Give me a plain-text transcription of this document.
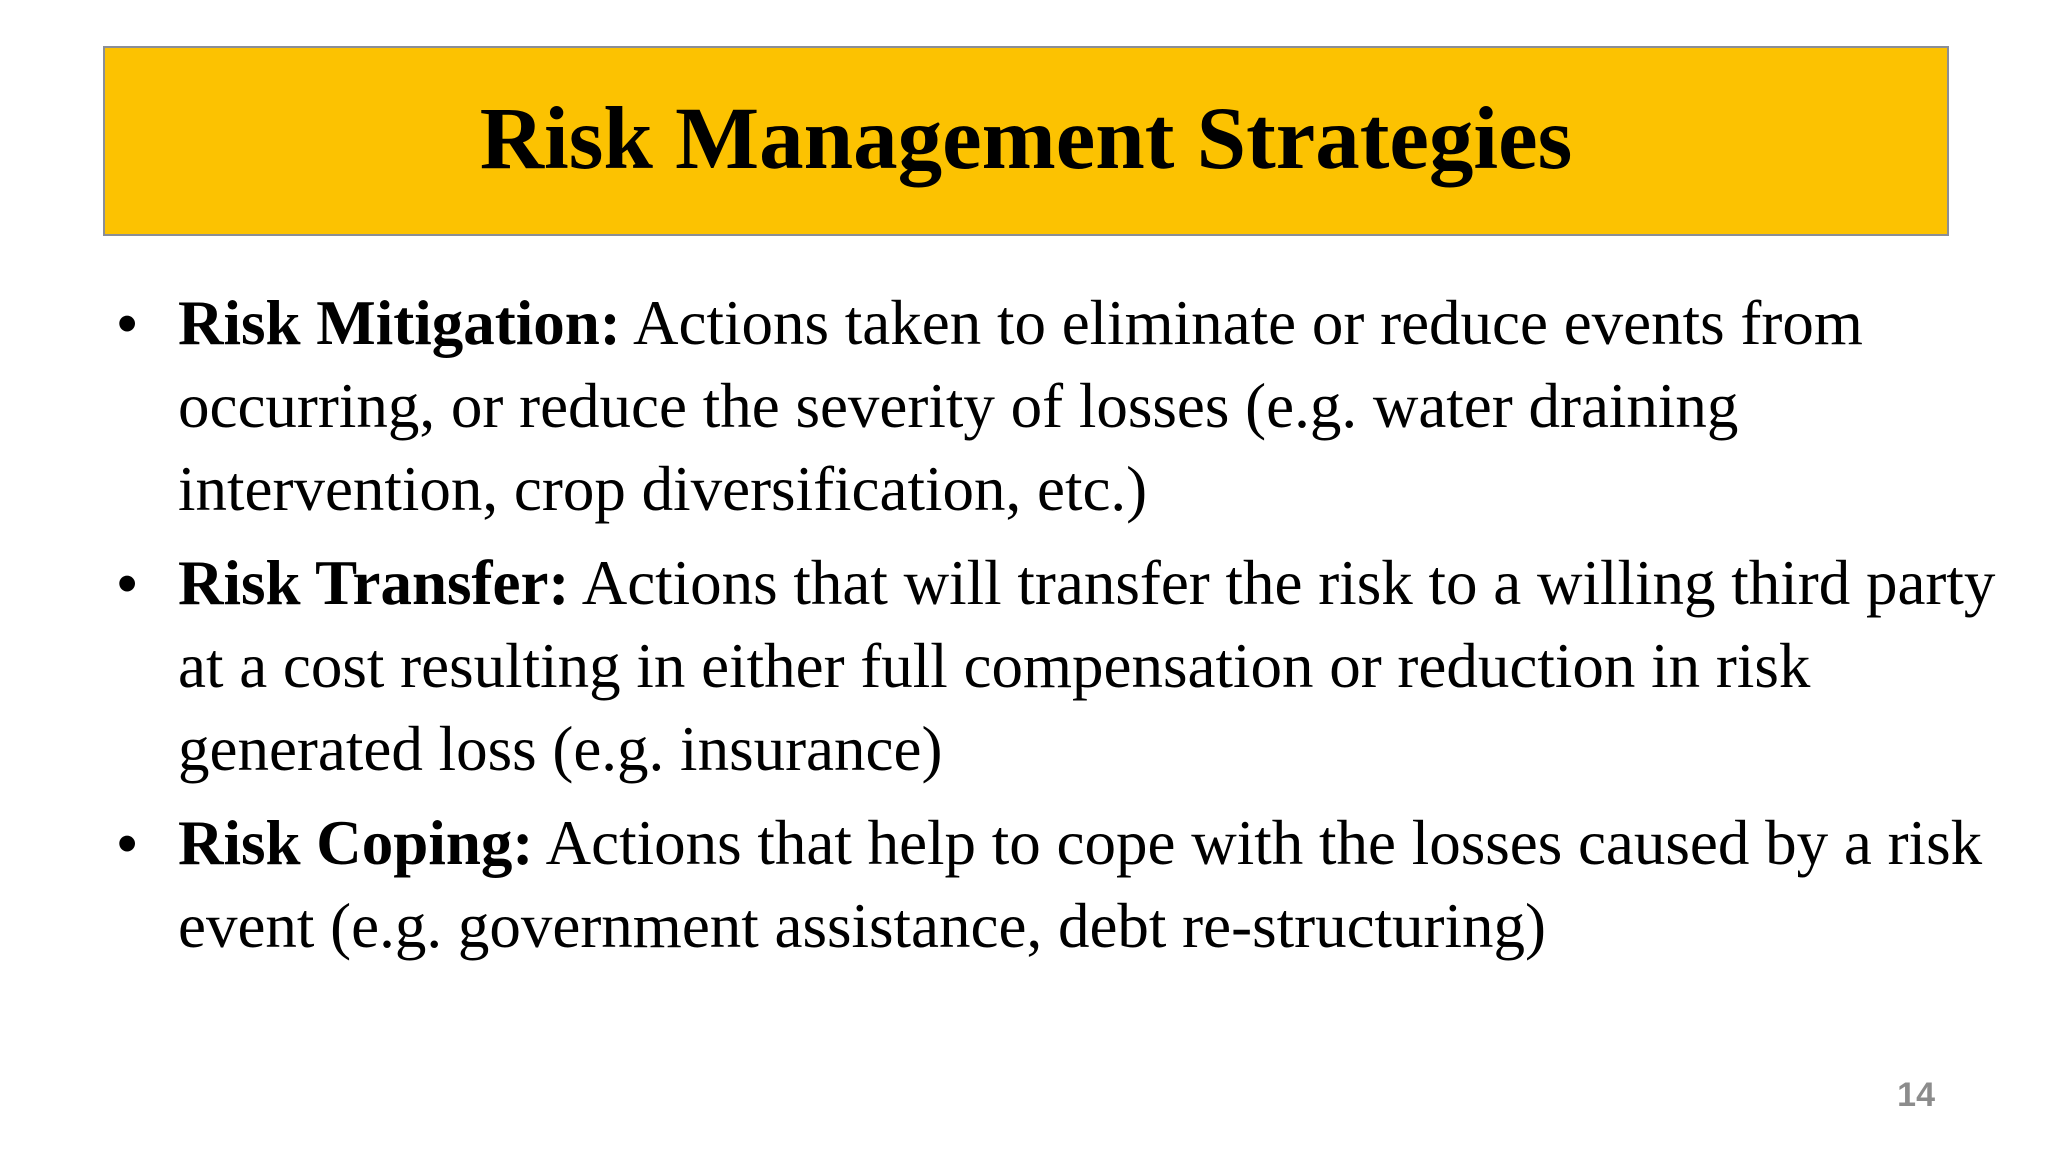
Risk Management Strategies
• Risk Mitigation: Actions taken to eliminate or reduce events from occurring, or reduce the severity of losses (e.g. water draining intervention, crop diversification, etc.)
• Risk Transfer: Actions that will transfer the risk to a willing third party at a cost resulting in either full compensation or reduction in risk generated loss (e.g. insurance)
• Risk Coping: Actions that help to cope with the losses caused by a risk event (e.g. government assistance, debt re-structuring)
14
